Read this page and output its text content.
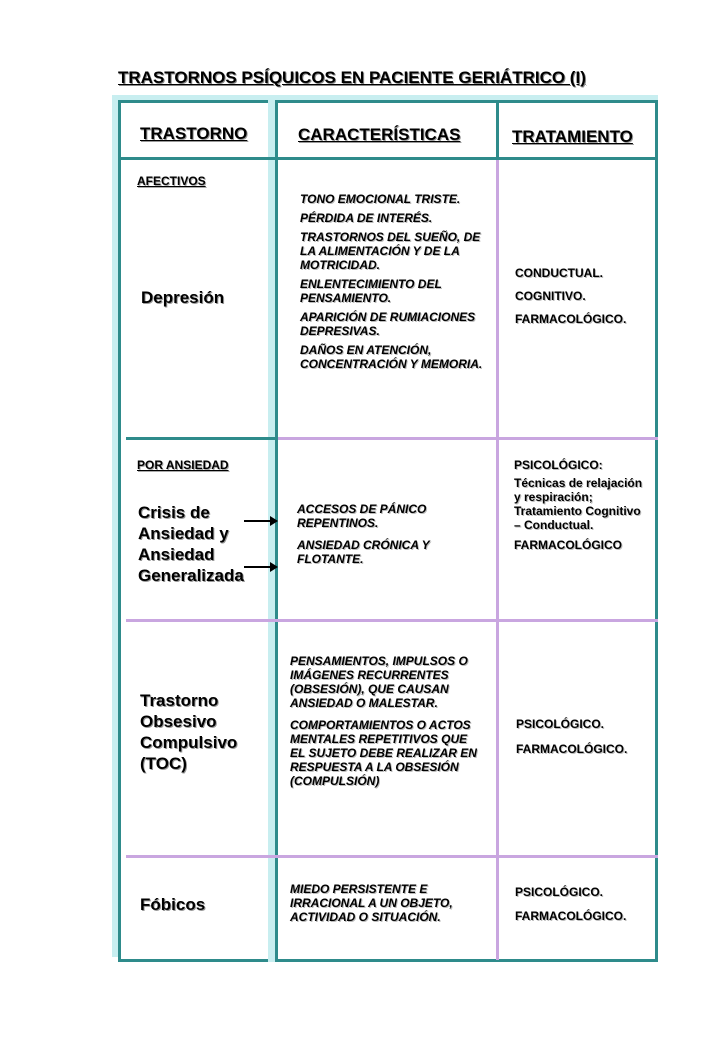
TRASTORNOS PSÍQUICOS EN PACIENTE GERIÁTRICO (I)
TRASTORNO	CARACTERÍSTICAS	TRATAMIENTO
AFECTIVOS
Depresión

TONO EMOCIONAL TRISTE.

PÉRDIDA DE INTERÉS.

TRASTORNOS DEL SUEÑO, DE LA ALIMENTACIÓN Y DE LA MOTRICIDAD.

ENLENTECIMIENTO DEL PENSAMIENTO.

APARICIÓN DE RUMIACIONES DEPRESIVAS.

DAÑOS EN ATENCIÓN, CONCENTRACIÓN Y MEMORIA.

CONDUCTUAL.

COGNITIVO.

FARMACOLÓGICO.

POR ANSIEDAD
Crisis de Ansiedad y Ansiedad Generalizada

ACCESOS DE PÁNICO REPENTINOS.

ANSIEDAD CRÓNICA Y FLOTANTE.

PSICOLÓGICO:

Técnicas de relajación y respiración; Tratamiento Cognitivo – Conductual.

FARMACOLÓGICO

Trastorno Obsesivo Compulsivo (TOC)

PENSAMIENTOS, IMPULSOS O IMÁGENES RECURRENTES (OBSESIÓN), QUE CAUSAN ANSIEDAD O MALESTAR.

COMPORTAMIENTOS O ACTOS MENTALES REPETITIVOS QUE EL SUJETO DEBE REALIZAR EN RESPUESTA A LA OBSESIÓN (COMPULSIÓN)

PSICOLÓGICO.

FARMACOLÓGICO.

Fóbicos

MIEDO PERSISTENTE E IRRACIONAL A UN OBJETO, ACTIVIDAD O SITUACIÓN.

PSICOLÓGICO.

FARMACOLÓGICO.
